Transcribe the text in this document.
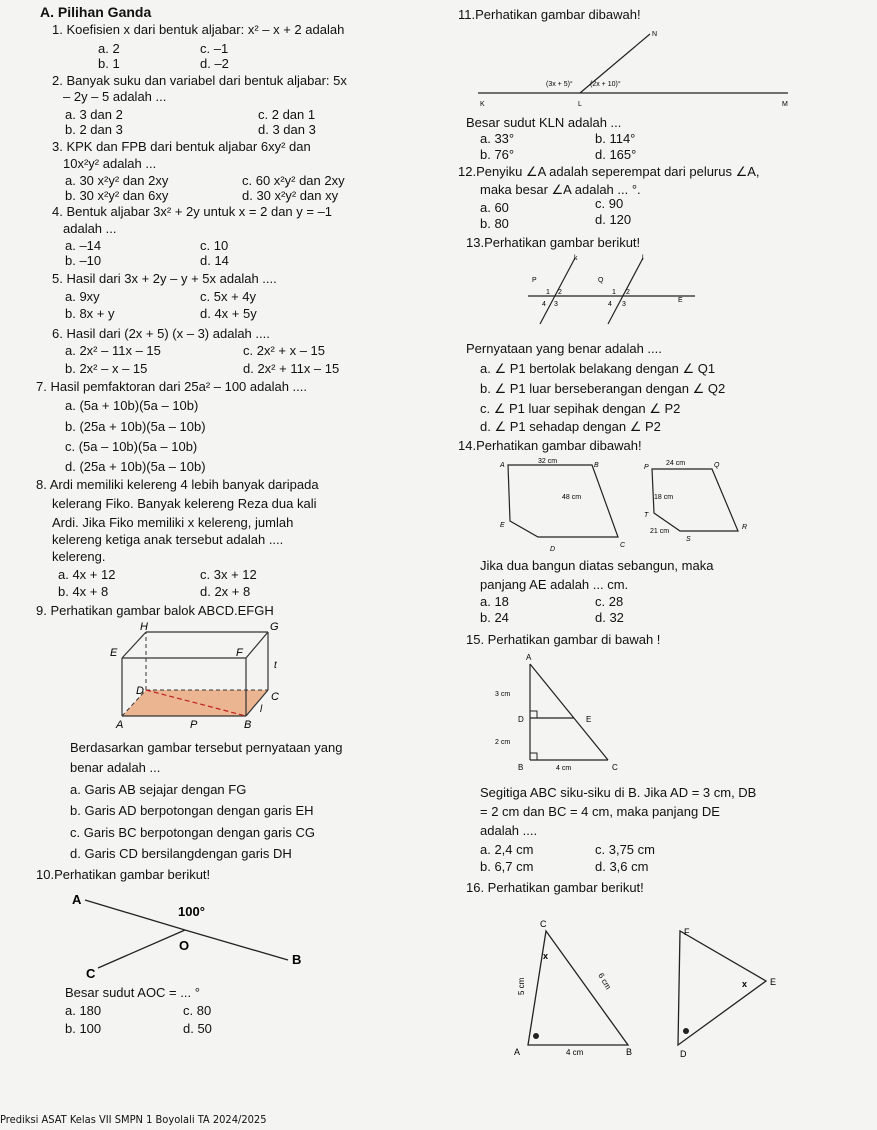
A. Pilihan Ganda
1. Koefisien x dari bentuk aljabar: x² – x + 2 adalah
a. 2	c. –1
b. 1	d. –2
2. Banyak suku dan variabel dari bentuk aljabar: 5x
– 2y – 5 adalah ...
a. 3 dan 2	c. 2 dan 1
b. 2 dan 3	d. 3 dan 3
3. KPK dan FPB dari bentuk aljabar 6xy² dan
10x²y² adalah ...
a. 30 x²y² dan 2xy	c. 60 x²y² dan 2xy
b. 30 x²y² dan 6xy	d. 30 x²y² dan xy
4. Bentuk aljabar 3x² + 2y untuk x = 2 dan y = –1
adalah ...
a. –14	c. 10
b. –10	d. 14
5. Hasil dari 3x + 2y – y + 5x adalah ....
a. 9xy	c. 5x + 4y
b. 8x + y	d. 4x + 5y
6. Hasil dari (2x + 5) (x – 3) adalah ....
a. 2x² – 11x – 15	c. 2x² + x – 15
b. 2x² – x – 15	d. 2x² + 11x – 15
7. Hasil pemfaktoran dari 25a² – 100 adalah ....
a. (5a + 10b)(5a – 10b)
b. (25a + 10b)(5a – 10b)
c. (5a – 10b)(5a – 10b)
d. (25a + 10b)(5a – 10b)
8. Ardi memiliki kelereng 4 lebih banyak daripada
kelerang Fiko. Banyak kelereng Reza dua kali
Ardi. Jika Fiko memiliki x kelereng, jumlah
kelereng ketiga anak tersebut adalah ....
kelereng.
a. 4x + 12	c. 3x + 12
b. 4x + 8	d. 2x + 8
9. Perhatikan gambar balok ABCD.EFGH
H	G
E	F
D	C
A	P	B
t
l
Berdasarkan gambar tersebut pernyataan yang
benar adalah ...
a. Garis AB sejajar dengan FG
b. Garis AD berpotongan dengan garis EH
c. Garis BC berpotongan dengan garis CG
d. Garis CD bersilangdengan garis DH
10.Perhatikan gambar berikut!
A
O
B
C
100°
Besar sudut AOC = ... °
a. 180	c. 80
b. 100	d. 50
11.Perhatikan gambar dibawah!
N
K	L	M
(3x + 5)° (2x + 10)°
Besar sudut KLN adalah ...
a. 33°	b. 114°
b. 76°	d. 165°
12.Penyiku ∠A adalah seperempat dari pelurus ∠A,
maka besar ∠A adalah ... °.
a. 60	c. 90
b. 80	d. 120
13.Perhatikan gambar berikut!
k	l
P	Q
E
1 2
4 3
1 2
4 3
Pernyataan yang benar adalah ....
a. ∠ P1 bertolak belakang dengan ∠ Q1
b. ∠ P1 luar berseberangan dengan ∠ Q2
c. ∠ P1 luar sepihak dengan ∠ P2
d. ∠ P1 sehadap dengan ∠ P2
14.Perhatikan gambar dibawah!
A	B
C
D
E
32 cm
48 cm
P	Q
R
S
T
24 cm
18 cm
21 cm
Jika dua bangun diatas sebangun, maka
panjang AE adalah ... cm.
a. 18	c. 28
b. 24	d. 32
15. Perhatikan gambar di bawah !
A
D	E
B	C
3 cm
2 cm
4 cm
Segitiga ABC siku-siku di B. Jika AD = 3 cm, DB
= 2 cm dan BC = 4 cm, maka panjang DE
adalah ....
a. 2,4 cm	c. 3,75 cm
b. 6,7 cm	d. 3,6 cm
16. Perhatikan gambar berikut!
C
A	B
x
5 cm	6 cm
4 cm
F
E
D
x
Prediksi ASAT Kelas VII SMPN 1 Boyolali TA 2024/2025
